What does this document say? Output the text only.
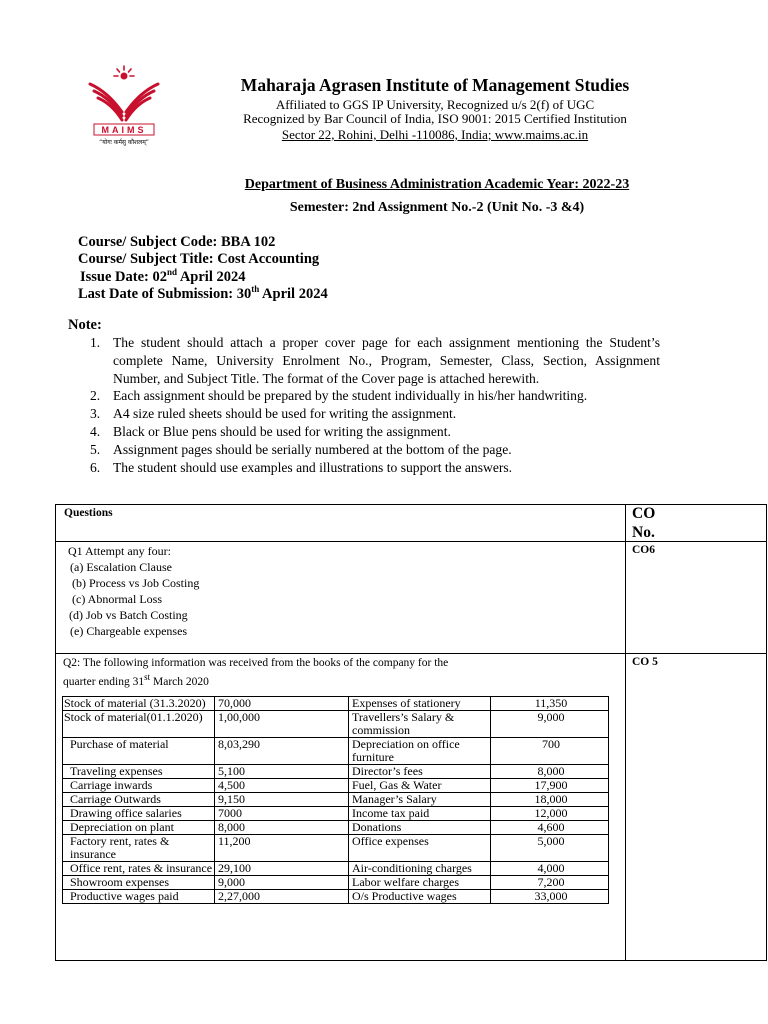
MAIMS
“योगः कर्मसु कौशलम्”
Maharaja Agrasen Institute of Management Studies
Affiliated to GGS IP University, Recognized u/s 2(f) of UGC
Recognized by Bar Council of India, ISO 9001: 2015 Certified Institution
Sector 22, Rohini, Delhi -110086, India; www.maims.ac.in
Department of Business Administration Academic Year: 2022-23
Semester: 2nd Assignment No.-2 (Unit No. -3 &4)
Course/ Subject Code: BBA 102
Course/ Subject Title: Cost Accounting
Issue Date: 02nd April 2024
Last Date of Submission: 30th April 2024
Note:
1. The student should attach a proper cover page for each assignment mentioning the Student’s complete Name, University Enrolment No., Program, Semester, Class, Section, Assignment Number, and Subject Title. The format of the Cover page is attached herewith.
2. Each assignment should be prepared by the student individually in his/her handwriting.
3. A4 size ruled sheets should be used for writing the assignment.
4. Black or Blue pens should be used for writing the assignment.
5. Assignment pages should be serially numbered at the bottom of the page.
6. The student should use examples and illustrations to support the answers.
Questions	CO
No.
CO6
Q1 Attempt any four:
(a) Escalation Clause
(b) Process vs Job Costing
(c) Abnormal Loss
(d) Job vs Batch Costing
(e) Chargeable expenses
CO 5
Q2: The following information was received from the books of the company for the
quarter ending 31st March 2020
Stock of material (31.3.2020)	70,000	Expenses of stationery	11,350
Stock of material(01.1.2020)	1,00,000	Travellers’s Salary & commission	9,000
Purchase of material	8,03,290	Depreciation on office furniture	700
Traveling expenses	5,100	Director’s fees	8,000
Carriage inwards	4,500	Fuel, Gas & Water	17,900
Carriage Outwards	9,150	Manager’s Salary	18,000
Drawing office salaries	7000	Income tax paid	12,000
Depreciation on plant	8,000	Donations	4,600
Factory rent, rates & insurance	11,200	Office expenses	5,000
Office rent, rates & insurance	29,100	Air-conditioning charges	4,000
Showroom expenses	9,000	Labor welfare charges	7,200
Productive wages paid	2,27,000	O/s Productive wages	33,000
